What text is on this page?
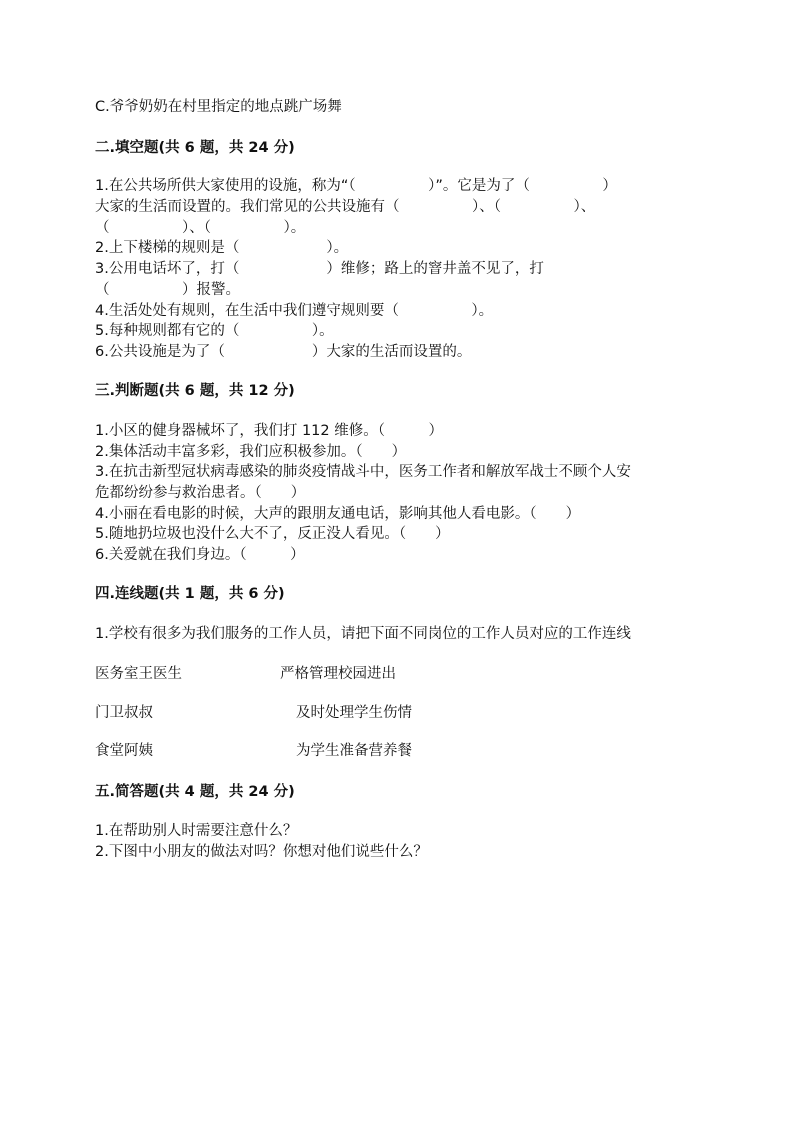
C.爷爷奶奶在村里指定的地点跳广场舞
二.填空题(共 6 题，共 24 分)
1.在公共场所供大家使用的设施，称为“（　　　　　）”。它是为了（　　　　　）
大家的生活而设置的。我们常见的公共设施有（　　　　　）、（　　　　　）、
（　　　　　）、（　　　　　）。
2.上下楼梯的规则是（　　　　　　）。
3.公用电话坏了，打（　　　　　　）维修；路上的窨井盖不见了，打
（　　　　　）报警。
4.生活处处有规则，在生活中我们遵守规则要（　　　　　）。
5.每种规则都有它的（　　　　　）。
6.公共设施是为了（　　　　　　）大家的生活而设置的。
三.判断题(共 6 题，共 12 分)
1.小区的健身器械坏了，我们打 112 维修。（　　　）
2.集体活动丰富多彩，我们应积极参加。（　　）
3.在抗击新型冠状病毒感染的肺炎疫情战斗中，医务工作者和解放军战士不顾个人安
危都纷纷参与救治患者。（　　）
4.小丽在看电影的时候，大声的跟朋友通电话，影响其他人看电影。（　　）
5.随地扔垃圾也没什么大不了，反正没人看见。（　　）
6.关爱就在我们身边。（　　　）
四.连线题(共 1 题，共 6 分)
1.学校有很多为我们服务的工作人员，请把下面不同岗位的工作人员对应的工作连线
医务室王医生	严格管理校园进出
门卫叔叔	及时处理学生伤情
食堂阿姨	为学生准备营养餐
五.简答题(共 4 题，共 24 分)
1.在帮助别人时需要注意什么？
2.下图中小朋友的做法对吗？你想对他们说些什么？
